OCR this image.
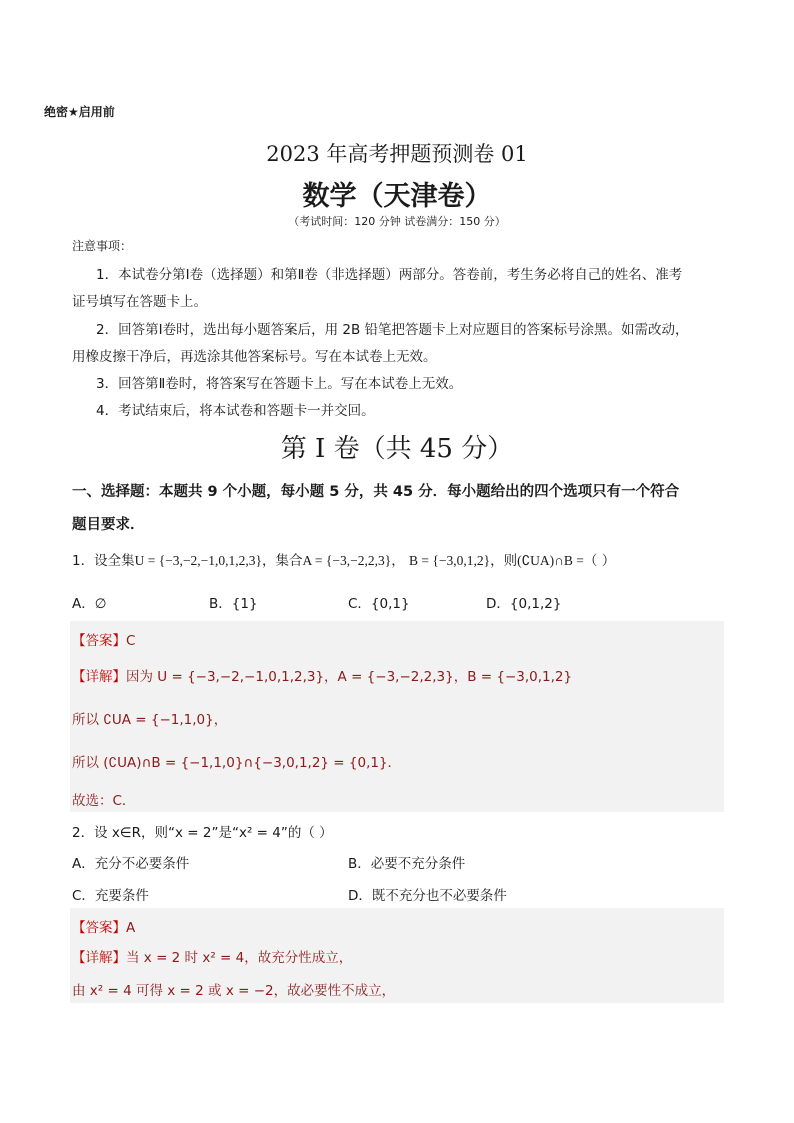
绝密★启用前
2023 年高考押题预测卷 01
数学（天津卷）
（考试时间：120 分钟 试卷满分：150 分）
注意事项：
1．本试卷分第Ⅰ卷（选择题）和第Ⅱ卷（非选择题）两部分。答卷前，考生务必将自己的姓名、准考
证号填写在答题卡上。
2．回答第Ⅰ卷时，选出每小题答案后，用 2B 铅笔把答题卡上对应题目的答案标号涂黑。如需改动，
用橡皮擦干净后，再选涂其他答案标号。写在本试卷上无效。
3．回答第Ⅱ卷时，将答案写在答题卡上。写在本试卷上无效。
4．考试结束后，将本试卷和答题卡一并交回。
第 I 卷（共 45 分）
一、选择题：本题共 9 个小题，每小题 5 分，共 45 分．每小题给出的四个选项只有一个符合
题目要求．
1．设全集U = {−3,−2,−1,0,1,2,3}，集合A = {−3,−2,2,3}， B = {−3,0,1,2}，则(∁UA)∩B =（ ）
A．∅	B．{1}	C．{0,1}	D．{0,1,2}
【答案】C
【详解】因为 U = {−3,−2,−1,0,1,2,3}，A = {−3,−2,2,3}，B = {−3,0,1,2}
所以 ∁UA = {−1,1,0}，
所以 (∁UA)∩B = {−1,1,0}∩{−3,0,1,2} = {0,1}．
故选：C．
2．设 x∈R，则“x = 2”是“x² = 4”的（ ）
A．充分不必要条件	B．必要不充分条件
C．充要条件	D．既不充分也不必要条件
【答案】A
【详解】当 x = 2 时 x² = 4，故充分性成立，
由 x² = 4 可得 x = 2 或 x = −2，故必要性不成立，
